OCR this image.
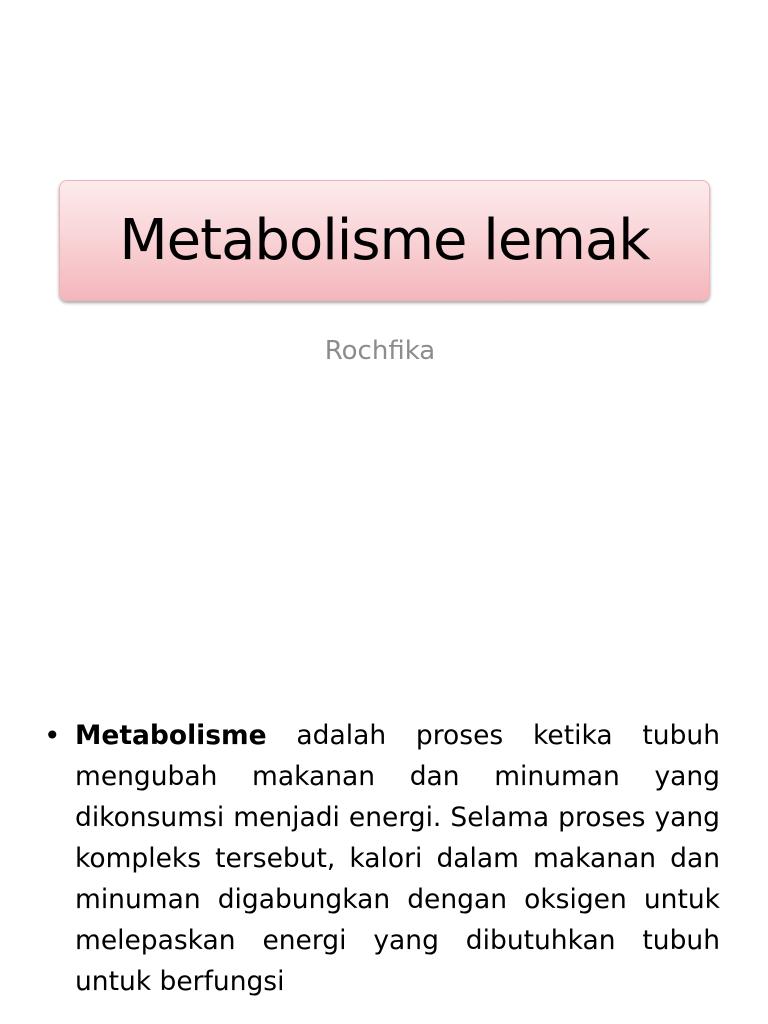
Metabolisme lemak
Rochfika
• Metabolisme adalah proses ketika tubuh mengubah makanan dan minuman yang dikonsumsi menjadi energi. Selama proses yang kompleks tersebut, kalori dalam makanan dan minuman digabungkan dengan oksigen untuk melepaskan energi yang dibutuhkan tubuh untuk berfungsi
